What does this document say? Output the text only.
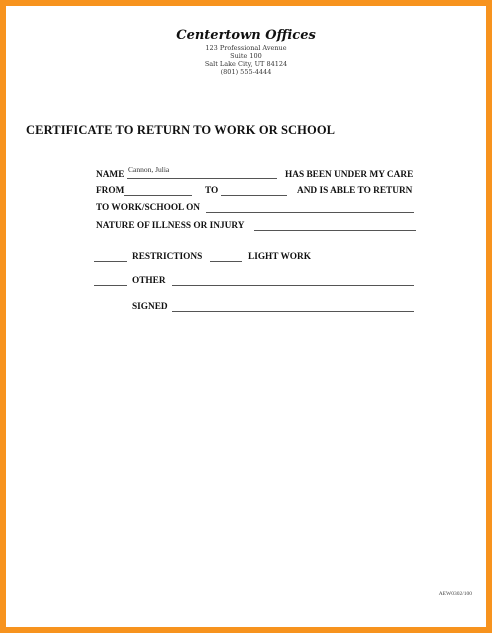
Centertown Offices
123 Professional Avenue
Suite 100
Salt Lake City, UT 84124
(801) 555-4444
CERTIFICATE TO RETURN TO WORK OR SCHOOL
NAME
Cannon, Julia
HAS BEEN UNDER MY CARE
FROM	TO	AND IS ABLE TO RETURN
TO WORK/SCHOOL ON
NATURE OF ILLNESS OR INJURY
RESTRICTIONS	LIGHT WORK
OTHER
SIGNED
AEW0302/100
